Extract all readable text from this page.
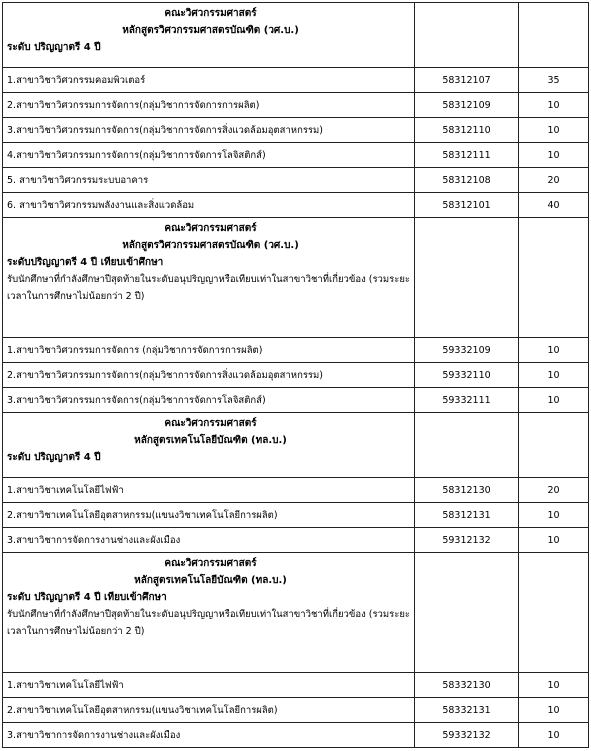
คณะวิศวกรรมศาสตร์
หลักสูตรวิศวกรรมศาสตรบัณฑิต (วศ.บ.)
ระดับ ปริญญาตรี 4 ปี		

1.สาขาวิชาวิศวกรรมคอมพิวเตอร์	58312107	35
2.สาขาวิชาวิศวกรรมการจัดการ(กลุ่มวิชาการจัดการการผลิต)	58312109	10
3.สาขาวิชาวิศวกรรมการจัดการ(กลุ่มวิชาการจัดการสิ่งแวดล้อมอุตสาหกรรม)	58312110	10
4.สาขาวิชาวิศวกรรมการจัดการ(กลุ่มวิชาการจัดการโลจิสติกส์)	58312111	10
5. สาขาวิชาวิศวกรรมระบบอาคาร	58312108	20
6. สาขาวิชาวิศวกรรมพลังงานและสิ่งแวดล้อม	58312101	40

คณะวิศวกรรมศาสตร์
หลักสูตรวิศวกรรมศาสตรบัณฑิต (วศ.บ.)
ระดับปริญญาตรี 4 ปี เทียบเข้าศึกษา
รับนักศึกษาที่กำลังศึกษาปีสุดท้ายในระดับอนุปริญญาหรือเทียบเท่าในสาขาวิชาที่เกี่ยวข้อง (รวมระยะเวลาในการศึกษาไม่น้อยกว่า 2 ปี)		

1.สาขาวิชาวิศวกรรมการจัดการ (กลุ่มวิชาการจัดการการผลิต)	59332109	10
2.สาขาวิชาวิศวกรรมการจัดการ(กลุ่มวิชาการจัดการสิ่งแวดล้อมอุตสาหกรรม)	59332110	10
3.สาขาวิชาวิศวกรรมการจัดการ(กลุ่มวิชาการจัดการโลจิสติกส์)	59332111	10

คณะวิศวกรรมศาสตร์
หลักสูตรเทคโนโลยีบัณฑิต (ทล.บ.)
ระดับ ปริญญาตรี 4 ปี		

1.สาขาวิชาเทคโนโลยีไฟฟ้า	58312130	20
2.สาขาวิชาเทคโนโลยีอุตสาหกรรม(แขนงวิชาเทคโนโลยีการผลิต)	58312131	10
3.สาขาวิชาการจัดการงานช่างและผังเมือง	59312132	10

คณะวิศวกรรมศาสตร์
หลักสูตรเทคโนโลยีบัณฑิต (ทล.บ.)
ระดับ ปริญญาตรี 4 ปี เทียบเข้าศึกษา
รับนักศึกษาที่กำลังศึกษาปีสุดท้ายในระดับอนุปริญญาหรือเทียบเท่าในสาขาวิชาที่เกี่ยวข้อง (รวมระยะเวลาในการศึกษาไม่น้อยกว่า 2 ปี)		

1.สาขาวิชาเทคโนโลยีไฟฟ้า	58332130	10
2.สาขาวิชาเทคโนโลยีอุตสาหกรรม(แขนงวิชาเทคโนโลยีการผลิต)	58332131	10
3.สาขาวิชาการจัดการงานช่างและผังเมือง	59332132	10
